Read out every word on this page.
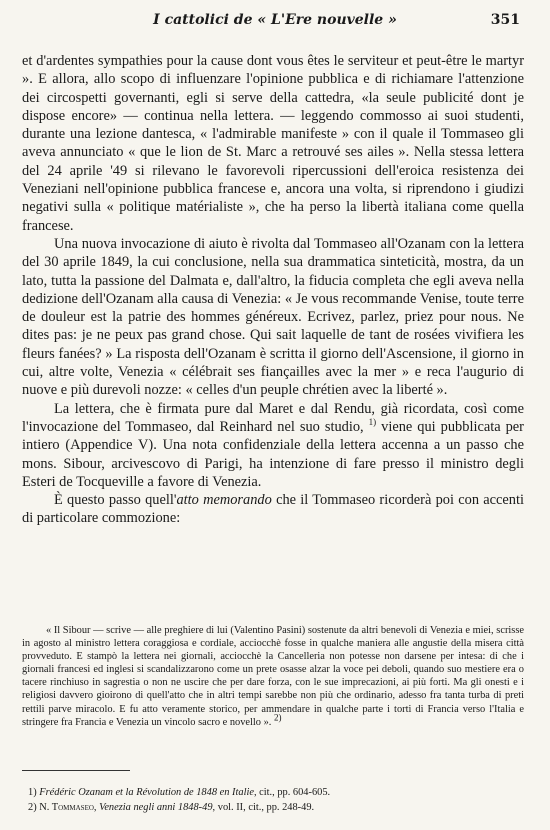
I cattolici de « L'Ere nouvelle »	351

et d'ardentes sympathies pour la cause dont vous êtes le serviteur et peut-être le martyr ». E allora, allo scopo di influenzare l'opinione pubblica e di richiamare l'attenzione dei circospetti governanti, egli si serve della cattedra, «la seule publicité dont je dispose encore» — continua nella lettera. — leggendo commosso ai suoi studenti, durante una lezione dantesca, « l'admirable manifeste » con il quale il Tommaseo gli aveva annunciato « que le lion de St. Marc a retrouvé ses ailes ». Nella stessa lettera del 24 aprile '49 si rilevano le favorevoli ripercussioni dell'eroica resistenza dei Veneziani nell'opinione pubblica francese e, ancora una volta, si riprendono i giudizi negativi sulla « politique matérialiste », che ha perso la libertà italiana come quella francese.

Una nuova invocazione di aiuto è rivolta dal Tommaseo all'Ozanam con la lettera del 30 aprile 1849, la cui conclusione, nella sua drammatica sinteticità, mostra, da un lato, tutta la passione del Dalmata e, dall'altro, la fiducia completa che egli aveva nella dedizione dell'Ozanam alla causa di Venezia: « Je vous recommande Venise, toute terre de douleur est la patrie des hommes généreux. Ecrivez, parlez, priez pour nous. Ne dites pas: je ne peux pas grand chose. Qui sait laquelle de tant de rosées vivifiera les fleurs fanées? » La risposta dell'Ozanam è scritta il giorno dell'Ascensione, il giorno in cui, altre volte, Venezia « célébrait ses fiançailles avec la mer » e reca l'augurio di nuove e più durevoli nozze: « celles d'un peuple chrétien avec la liberté ».

La lettera, che è firmata pure dal Maret e dal Rendu, già ricordata, così come l'invocazione del Tommaseo, dal Reinhard nel suo studio, $^{1)}$ viene qui pubblicata per intiero (Appendice V). Una nota confidenziale della lettera accenna a un passo che mons. Sibour, arcivescovo di Parigi, ha intenzione di fare presso il ministro degli Esteri de Tocqueville a favore di Venezia.

È questo passo quell'atto memorando che il Tommaseo ricorderà poi con accenti di particolare commozione:

« Il Sibour — scrive — alle preghiere di lui (Valentino Pasini) sostenute da altri benevoli di Venezia e miei, scrisse in agosto al ministro lettera coraggiosa e cordiale, acciocchè fosse in qualche maniera alle angustie della misera città provveduto. E stampò la lettera nei giornali, acciocchè la Cancelleria non potesse non darsene per intesa: di che i giornali francesi ed inglesi si scandalizzarono come un prete osasse alzar la voce pei deboli, quando suo mestiere era o tacere rinchiuso in sagrestia o non ne uscire che per dare forza, con le sue imprecazioni, ai più forti. Ma gli onesti e i religiosi davvero gioirono di quell'atto che in altri tempi sarebbe non più che ordinario, adesso fra tanta turba di preti rettili parve miracolo. E fu atto veramente storico, per ammendare in qualche parte i torti di Francia verso l'Italia e stringere fra Francia e Venezia un vincolo sacro e novello ». 2)

1) Frédéric Ozanam et la Révolution de 1848 en Italie, cit., pp. 604-605.

2) N. Tommaseo, Venezia negli anni 1848-49, vol. II, cit., pp. 248-49.
